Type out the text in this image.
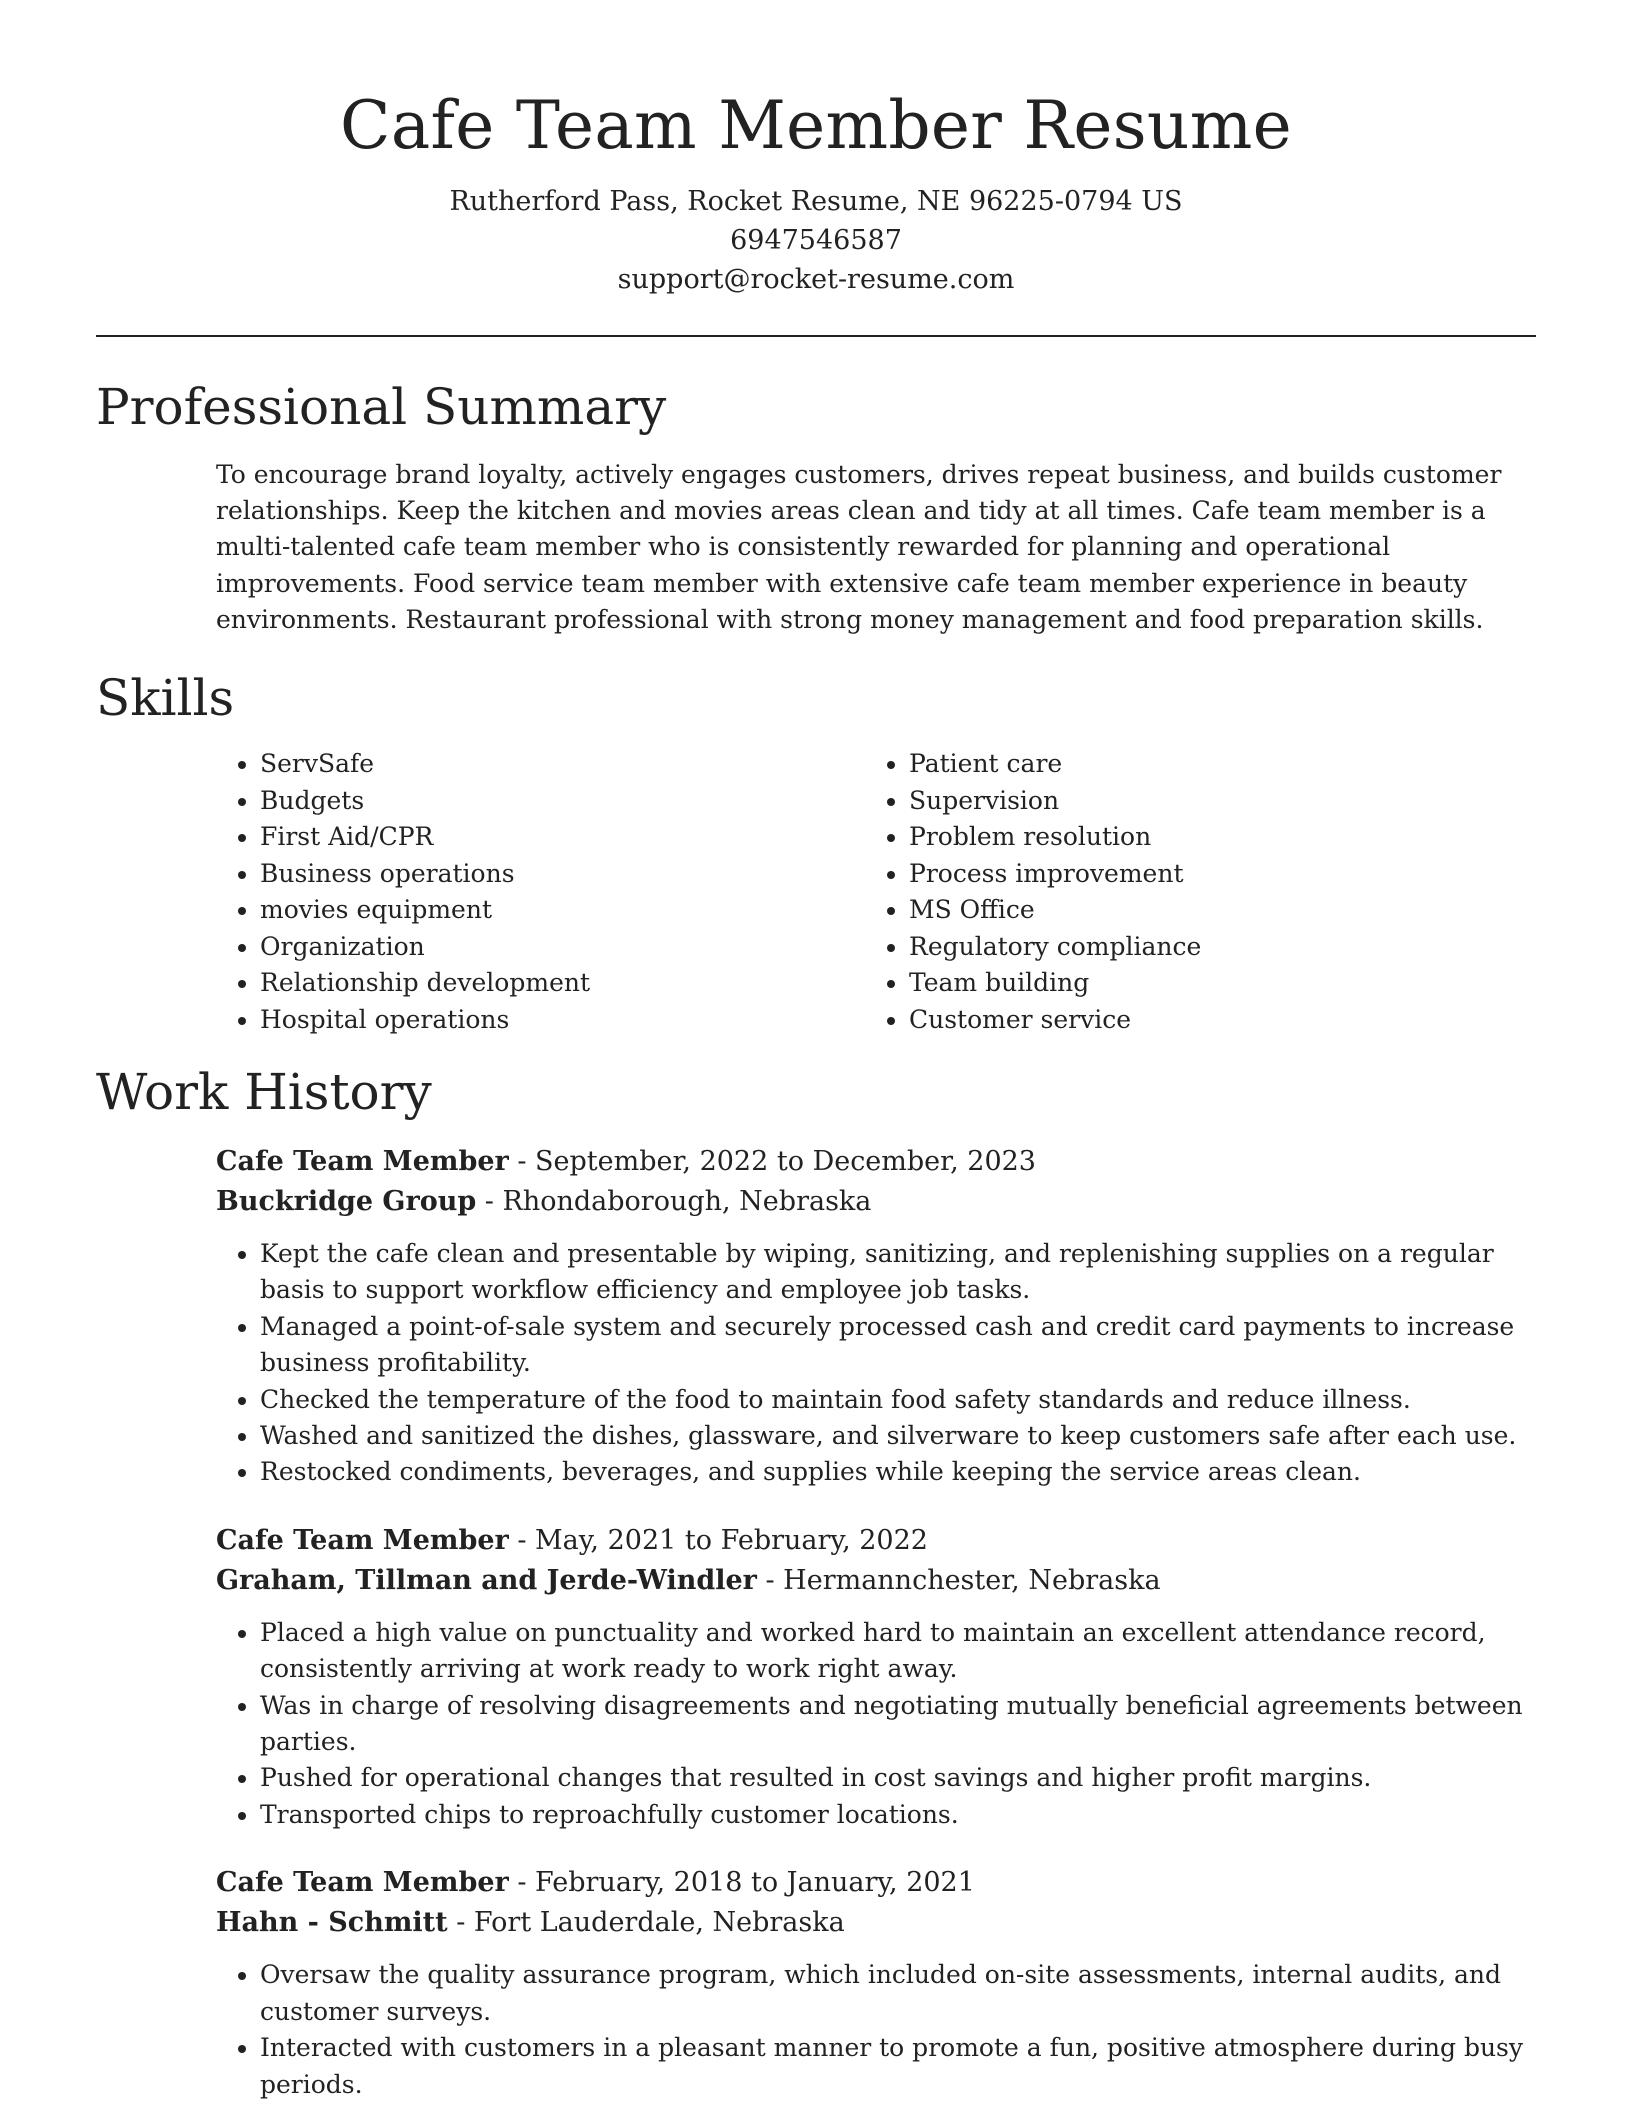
Cafe Team Member Resume
Rutherford Pass, Rocket Resume, NE 96225-0794 US
6947546587
support@rocket-resume.com
Professional Summary

To encourage brand loyalty, actively engages customers, drives repeat business, and builds customer relationships. Keep the kitchen and movies areas clean and tidy at all times. Cafe team member is a multi-talented cafe team member who is consistently rewarded for planning and operational improvements. Food service team member with extensive cafe team member experience in beauty environments. Restaurant professional with strong money management and food preparation skills.

Skills
• ServSafe
• Budgets
• First Aid/CPR
• Business operations
• movies equipment
• Organization
• Relationship development
• Hospital operations
• Patient care
• Supervision
• Problem resolution
• Process improvement
• MS Office
• Regulatory compliance
• Team building
• Customer service
Work History
Cafe Team Member - September, 2022 to December, 2023
Buckridge Group - Rhondaborough, Nebraska
• Kept the cafe clean and presentable by wiping, sanitizing, and replenishing supplies on a regular basis to support workflow efficiency and employee job tasks.
• Managed a point-of-sale system and securely processed cash and credit card payments to increase business profitability.
• Checked the temperature of the food to maintain food safety standards and reduce illness.
• Washed and sanitized the dishes, glassware, and silverware to keep customers safe after each use.
• Restocked condiments, beverages, and supplies while keeping the service areas clean.
Cafe Team Member - May, 2021 to February, 2022
Graham, Tillman and Jerde-Windler - Hermannchester, Nebraska
• Placed a high value on punctuality and worked hard to maintain an excellent attendance record, consistently arriving at work ready to work right away.
• Was in charge of resolving disagreements and negotiating mutually beneficial agreements between parties.
• Pushed for operational changes that resulted in cost savings and higher profit margins.
• Transported chips to reproachfully customer locations.
Cafe Team Member - February, 2018 to January, 2021
Hahn - Schmitt - Fort Lauderdale, Nebraska
• Oversaw the quality assurance program, which included on-site assessments, internal audits, and customer surveys.
• Interacted with customers in a pleasant manner to promote a fun, positive atmosphere during busy periods.
